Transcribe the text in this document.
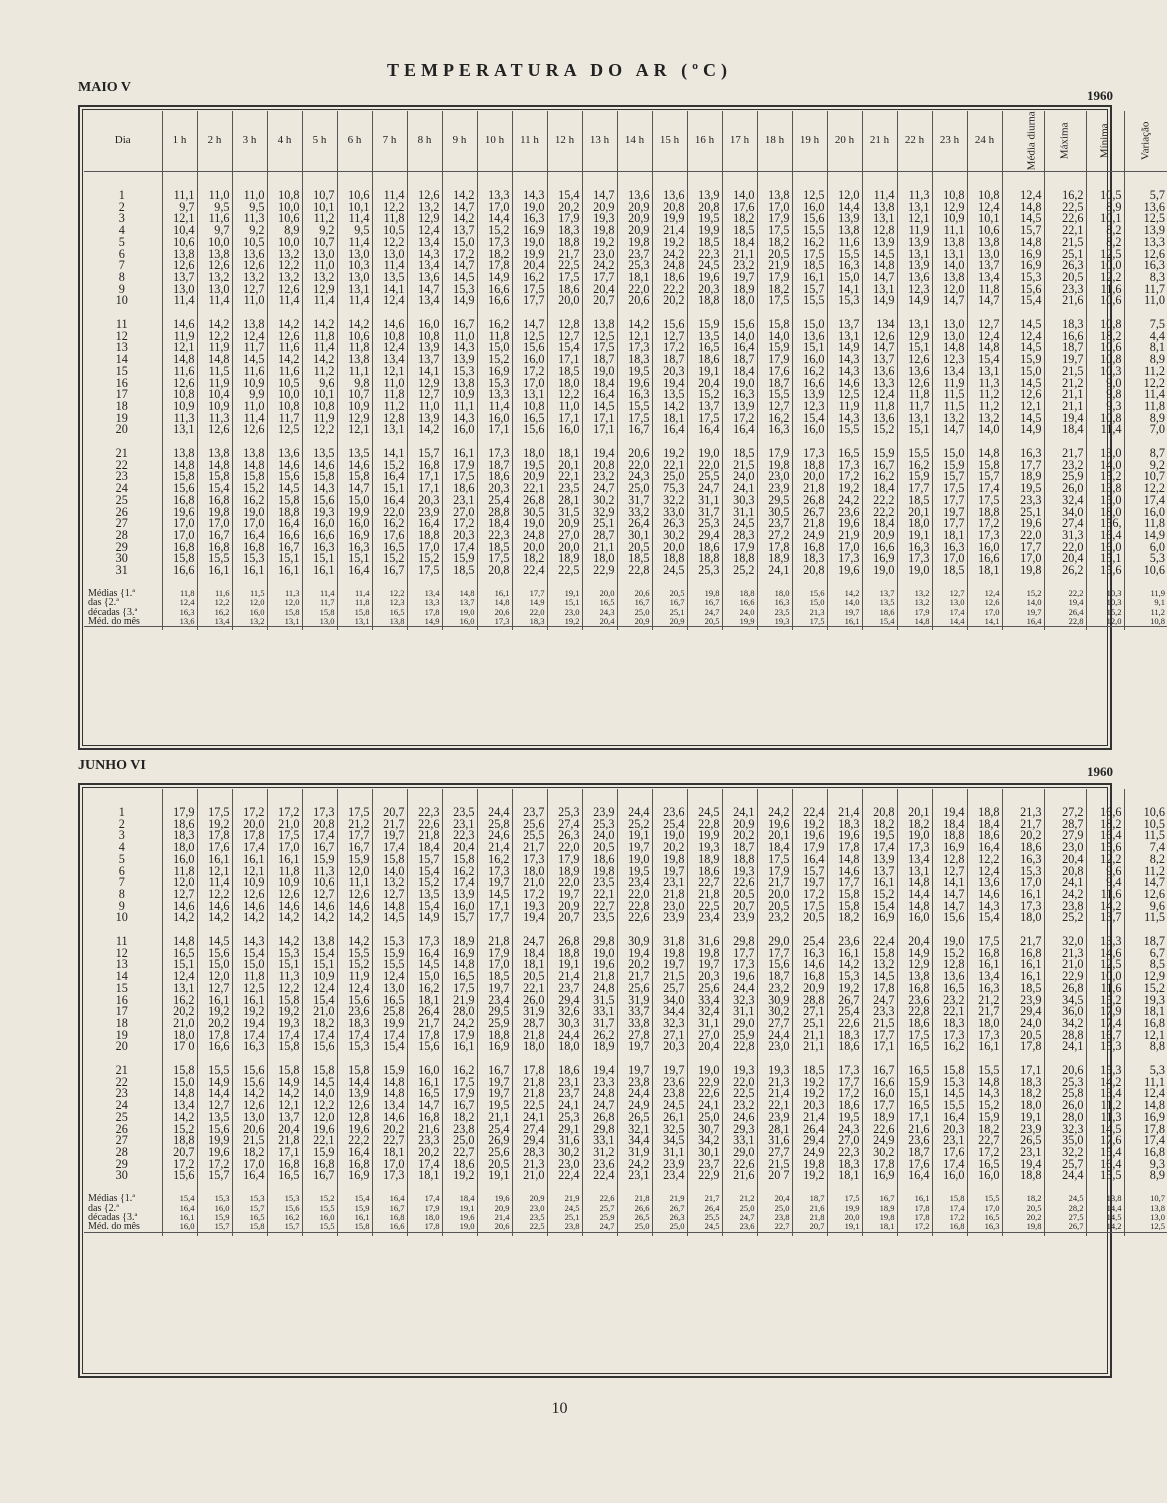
TEMPERATURA DO AR (ºC)
MAIO V
1960
Dia	1 h	2 h	3 h	4 h	5 h	6 h	7 h	8 h	9 h	10 h	11 h	12 h	13 h	14 h	15 h	16 h	17 h	18 h	19 h	20 h	21 h	22 h	23 h	24 h	Média diurna	Máxima	Mínima	Variação

1	11,1	11,0	11,0	10,8	10,7	10,6	11,4	12,6	14,2	13,3	14,3	15,4	14,7	13,6	13,6	13,9	14,0	13,8	12,5	12,0	11,4	11,3	10,8	10,8	12,4	16,2	10,5	5,7
2	9,7	9,5	9,5	10,0	10,1	10,1	12,2	13,2	14,7	17,0	19,0	20,2	20,9	20,9	20,8	20,8	17,6	17,0	16,0	14,4	13,8	13,1	12,9	12,4	14,8	22,5	8,9	13,6
3	12,1	11,6	11,3	10,6	11,2	11,4	11,8	12,9	14,2	14,4	16,3	17,9	19,3	20,9	19,9	19,5	18,2	17,9	15,6	13,9	13,1	12,1	10,9	10,1	14,5	22,6	10,1	12,5
4	10,4	9,7	9,2	8,9	9,2	9,5	10,5	12,4	13,7	15,2	16,9	18,3	19,8	20,9	21,4	19,9	18,5	17,5	15,5	13,8	12,8	11,9	11,1	10,6	15,7	22,1	8,2	13,9
5	10,6	10,0	10,5	10,0	10,7	11,4	12,2	13,4	15,0	17,3	19,0	18,8	19,2	19,8	19,2	18,5	18,4	18,2	16,2	11,6	13,9	13,9	13,8	13,8	14,8	21,5	8,2	13,3
6	13,8	13,8	13,6	13,2	13,0	13,0	13,0	14,3	17,2	18,2	19,9	21,7	23,0	23,7	24,2	22,3	21,1	20,5	17,5	15,5	14,5	13,1	13,1	13,0	16,9	25,1	12,5	12,6
7	12,6	12,6	12,6	12,2	11,0	10,3	11,4	13,4	14,7	17,8	20,4	22,5	24,2	25,3	24,8	24,5	23,2	21,9	18,5	16,3	14,8	13,9	14,0	13,7	16,9	26,3	10,0	16,3
8	13,7	13,2	13,2	13,2	13,2	13,0	13,5	13,6	14,5	14,9	16,2	17,5	17,7	18,1	18,6	19,6	19,7	17,9	16,1	15,0	14,7	13,6	13,8	13,4	15,3	20,5	12,2	8,3
9	13,0	13,0	12,7	12,6	12,9	13,1	14,1	14,7	15,3	16,6	17,5	18,6	20,4	22,0	22,2	20,3	18,9	18,2	15,7	14,1	13,1	12,3	12,0	11,8	15,6	23,3	11,6	11,7
10	11,4	11,4	11,0	11,4	11,4	11,4	12,4	13,4	14,9	16,6	17,7	20,0	20,7	20,6	20,2	18,8	18,0	17,5	15,5	15,3	14,9	14,9	14,7	14,7	15,4	21,6	10,6	11,0

11	14,6	14,2	13,8	14,2	14,2	14,2	14,6	16,0	16,7	16,2	14,7	12,8	13,8	14,2	15,6	15,9	15,6	15,8	15,0	13,7	134	13,1	13,0	12,7	14,5	18,3	10,8	7,5
12	11,9	12,2	12,4	12,6	11,8	10,6	10,8	10,8	11,0	11,8	12,5	12,7	12,5	12,1	12,7	13,5	14,0	14,0	13,6	13,1	12,6	12,9	13,0	12,4	12,4	16,6	18,2	4,4
13	12,1	11,9	11,7	11,6	11,4	11,8	12,4	13,9	14,3	15,0	15,6	15,4	17,5	17,3	17,2	16,5	16,4	15,9	15,1	14,9	14,7	15,1	14,8	14,8	14,5	18,7	10,6	8,1
14	14,8	14,8	14,5	14,2	14,2	13,8	13,4	13,7	13,9	15,2	16,0	17,1	18,7	18,3	18,7	18,6	18,7	17,9	16,0	14,3	13,7	12,6	12,3	15,4	15,9	19,7	10,8	8,9
15	11,6	11,5	11,6	11,6	11,2	11,1	12,1	14,1	15,3	16,9	17,2	18,5	19,0	19,5	20,3	19,1	18,4	17,6	16,2	14,3	13,6	13,6	13,4	13,1	15,0	21,5	10,3	11,2
16	12,6	11,9	10,9	10,5	9,6	9,8	11,0	12,9	13,8	15,3	17,0	18,0	18,4	19,6	19,4	20,4	19,0	18,7	16,6	14,6	13,3	12,6	11,9	11,3	14,5	21,2	9,0	12,2
17	10,8	10,4	9,9	10,0	10,1	10,7	11,8	12,7	10,9	13,3	13,1	12,2	16,4	16,3	13,5	15,2	16,3	15,5	13,9	12,5	12,4	11,8	11,5	11,2	12,6	21,1	9,8	11,4
18	10,9	10,9	11,0	10,8	10,8	10,9	11,2	11,0	11,1	11,4	10,8	11,0	14,5	15,5	14,2	13,7	13,9	12,7	12,3	11,9	11,8	11,7	11,5	11,2	12,1	21,1	9,3	11,8
19	11,3	11,3	11,4	11,7	11,9	12,9	12,8	13,9	14,3	16,0	16,5	17,1	17,1	17,5	18,1	17,5	17,2	16,2	15,4	14,3	13,6	13,1	13,2	13,2	14,5	19,4	10,8	8,9
20	13,1	12,6	12,6	12,5	12,2	12,1	13,1	14,2	16,0	17,1	15,6	16,0	17,1	16,7	16,4	16,4	16,4	16,3	16,0	15,5	15,2	15,1	14,7	14,0	14,9	18,4	11,4	7,0

21	13,8	13,8	13,8	13,6	13,5	13,5	14,1	15,7	16,1	17,3	18,0	18,1	19,4	20,6	19,2	19,0	18,5	17,9	17,3	16,5	15,9	15,5	15,0	14,8	16,3	21,7	13,0	8,7
22	14,8	14,8	14,8	14,6	14,6	14,6	15,2	16,8	17,9	18,7	19,5	20,1	20,8	22,0	22,1	22,0	21,5	19,8	18,8	17,3	16,7	16,2	15,9	15,8	17,7	23,2	14,0	9,2
23	15,8	15,8	15,8	15,6	15,8	15,8	16,4	17,1	17,5	18,6	20,9	22,1	23,2	24,3	25,0	25,5	24,0	23,0	20,0	17,2	16,2	15,9	15,7	15,7	18,9	25,9	15,2	10,7
24	15,6	15,4	15,2	14,5	14,3	14,7	15,1	17,1	18,6	20,3	22,1	23,5	24,7	25,0	75,3	24,7	24,1	23,9	21,8	19,2	18,4	17,7	17,5	17,4	19,5	26,0	13,8	12,2
25	16,8	16,8	16,2	15,8	15,6	15,0	16,4	20,3	23,1	25,4	26,8	28,1	30,2	31,7	32,2	31,1	30,3	29,5	26,8	24,2	22,2	18,5	17,7	17,5	23,3	32,4	15,0	17,4
26	19,6	19,8	19,0	18,8	19,3	19,9	22,0	23,9	27,0	28,8	30,5	31,5	32,9	33,2	33,0	31,7	31,1	30,5	26,7	23,6	22,2	20,1	19,7	18,8	25,1	34,0	18,0	16,0
27	17,0	17,0	17,0	16,4	16,0	16,0	16,2	16,4	17,2	18,4	19,0	20,9	25,1	26,4	26,3	25,3	24,5	23,7	21,8	19,6	18,4	18,0	17,7	17,2	19,6	27,4	156,	11,8
28	17,0	16,7	16,4	16,6	16,6	16,9	17,6	18,8	20,3	22,3	24,8	27,0	28,7	30,1	30,2	29,4	28,3	27,2	24,9	21,9	20,9	19,1	18,1	17,3	22,0	31,3	16,4	14,9
29	16,8	16,8	16,8	16,7	16,3	16,3	16,5	17,0	17,4	18,5	20,0	20,0	21,1	20,5	20,0	18,6	17,9	17,8	16,8	17,0	16,6	16,3	16,3	16,0	17,7	22,0	16,0	6,0
30	15,8	15,5	15,3	15,1	15,1	15,1	15,2	15,2	15,9	17,5	18,2	18,9	18,0	18,5	18,8	18,8	18,8	18,9	18,3	17,3	16,9	17,3	17,0	16,6	17,0	20,4	15,1	5,3
31	16,6	16,1	16,1	16,1	16,1	16,4	16,7	17,5	18,5	20,8	22,4	22,5	22,9	22,8	24,5	25,3	25,2	24,1	20,8	19,6	19,0	19,0	18,5	18,1	19,8	26,2	15,6	10,6

Médias {1.ª	11,8	11,6	11,5	11,3	11,4	11,4	12,2	13,4	14,8	16,1	17,7	19,1	20,0	20,6	20,5	19,8	18,8	18,0	15,6	14,2	13,7	13,2	12,7	12,4	15,2	22,2	10,3	11,9
das {2.ª	12,4	12,2	12,0	12,0	11,7	11,8	12,3	13,3	13,7	14,8	14,9	15,1	16,5	16,7	16,7	16,7	16,6	16,3	15,0	14,0	13,5	13,2	13,0	12,6	14,0	19,4	10,3	9,1
décadas {3.ª	16,3	16,2	16,0	15,8	15,8	15,8	16,5	17,8	19,0	20,6	22,0	23,0	24,3	25,0	25,1	24,7	24,0	23,5	21,3	19,7	18,6	17,9	17,4	17,0	19,7	26,4	15,2	11,2
Méd. do mês	13,6	13,4	13,2	13,1	13,0	13,1	13,8	14,9	16,0	17,3	18,3	19,2	20,4	20,9	20,9	20,5	19,9	19,3	17,5	16,1	15,4	14,8	14,4	14,1	16,4	22,8	12,0	10,8

JUNHO VI	1960

1	17,9	17,5	17,2	17,2	17,3	17,5	20,7	22,3	23,5	24,4	23,7	25,3	23,9	24,4	23,6	24,5	24,1	24,2	22,4	21,4	20,8	20,1	19,4	18,8	21,3	27,2	16,6	10,6
2	18,6	19,2	20,0	21,0	20,8	21,2	21,7	22,6	23,1	25,8	25,6	27,4	25,3	25,2	25,4	22,8	20,9	19,6	19,2	18,3	18,2	18,2	18,4	18,4	21,7	28,7	18,2	10,5
3	18,3	17,8	17,8	17,5	17,4	17,7	19,7	21,8	22,3	24,6	25,5	26,3	24,0	19,1	19,0	19,9	20,2	20,1	19,6	19,6	19,5	19,0	18,8	18,6	20,2	27,9	16,4	11,5
4	18,0	17,6	17,4	17,0	16,7	16,7	17,4	18,4	20,4	21,4	21,7	22,0	20,5	19,7	20,2	19,3	18,7	18,4	17,9	17,8	17,4	17,3	16,9	16,4	18,6	23,0	15,6	7,4
5	16,0	16,1	16,1	16,1	15,9	15,9	15,8	15,7	15,8	16,2	17,3	17,9	18,6	19,0	19,8	18,9	18,8	17,5	16,4	14,8	13,9	13,4	12,8	12,2	16,3	20,4	12,2	8,2
6	11,8	12,1	12,1	11,8	11,3	12,0	14,0	15,4	16,2	17,3	18,0	18,9	19,8	19,5	19,7	18,6	19,3	17,9	15,7	14,6	13,7	13,1	12,7	12,4	15,3	20,8	9,6	11,2
7	12,0	11,4	10,9	10,9	10,6	11,1	13,2	15,2	17,4	19,7	21,0	22,0	23,5	23,4	23,1	22,7	22,6	21,7	19,7	17,7	16,1	14,8	14,1	13,6	17,0	24,1	9,4	14,7
8	12,7	12,2	12,6	12,6	12,7	12,6	12,7	13,5	13,9	14,5	17,2	19,7	22,1	22,0	21,8	21,8	20,5	20,0	17,2	15,8	15,2	14,4	14,7	14,6	16,1	24,2	11,6	12,6
9	14,6	14,6	14,6	14,6	14,6	14,6	14,8	15,4	16,0	17,1	19,3	20,9	22,7	22,8	23,0	22,5	20,7	20,5	17,5	15,8	15,4	14,8	14,7	14,3	17,3	23,8	14,2	9,6
10	14,2	14,2	14,2	14,2	14,2	14,2	14,5	14,9	15,7	17,7	19,4	20,7	23,5	22,6	23,9	23,4	23,9	23,2	20,5	18,2	16,9	16,0	15,6	15,4	18,0	25,2	13,7	11,5

11	14,8	14,5	14,3	14,2	13,8	14,2	15,3	17,3	18,9	21,8	24,7	26,8	29,8	30,9	31,8	31,6	29,8	29,0	25,4	23,6	22,4	20,4	19,0	17,5	21,7	32,0	13,3	18,7
12	16,5	15,6	15,4	15,3	15,4	15,5	15,9	16,4	16,9	17,9	18,4	18,8	19,0	19,4	19,8	19,8	17,7	17,7	16,3	16,1	15,8	14,9	15,2	16,8	16,8	21,3	14,6	6,7
13	15,1	15,0	15,0	15,1	15,1	15,2	15,5	14,5	14,8	17,0	18,1	19,1	19,6	20,2	19,7	19,7	17,3	15,6	14,6	14,2	13,2	12,9	12,8	16,1	16,1	21,0	12,5	8,5
14	12,4	12,0	11,8	11,3	10,9	11,9	12,4	15,0	16,5	18,5	20,5	21,4	21,8	21,7	21,5	20,3	19,6	18,7	16,8	15,3	14,5	13,8	13,6	13,4	16,1	22,9	10,0	12,9
15	13,1	12,7	12,5	12,2	12,4	12,4	13,0	16,2	17,5	19,7	22,1	23,7	24,8	25,6	25,7	25,6	24,4	23,2	20,9	19,2	17,8	16,8	16,5	16,3	18,5	26,8	11,6	15,2
16	16,2	16,1	16,1	15,8	15,4	15,6	16,5	18,1	21,9	23,4	26,0	29,4	31,5	31,9	34,0	33,4	32,3	30,9	28,8	26,7	24,7	23,6	23,2	21,2	23,9	34,5	15,2	19,3
17	20,2	19,2	19,2	19,2	21,0	23,6	25,8	26,4	28,0	29,5	31,9	32,6	33,1	33,7	34,4	32,4	31,1	30,2	27,1	25,4	23,3	22,8	22,1	21,7	29,4	36,0	17,9	18,1
18	21,0	20,2	19,4	19,3	18,2	18,3	19,9	21,7	24,2	25,9	28,7	30,3	31,7	33,8	32,3	31,1	29,0	27,7	25,1	22,6	21,5	18,6	18,3	18,0	24,0	34,2	17,4	16,8
19	18,0	17,8	17,4	17,4	17,4	17,4	17,4	17,8	17,9	18,8	21,8	24,4	26,2	27,8	27,1	27,0	25,9	24,4	21,1	18,3	17,7	17,5	17,3	17,3	20,5	28,8	16,7	12,1
20	17 0	16,6	16,3	15,8	15,6	15,3	15,4	15,6	16,1	16,9	18,0	18,0	18,9	19,7	20,3	20,4	22,8	23,0	21,1	18,6	17,1	16,5	16,2	16,1	17,8	24,1	15,3	8,8

21	15,8	15,5	15,6	15,8	15,8	15,8	15,9	16,0	16,2	16,7	17,8	18,6	19,4	19,7	19,7	19,0	19,3	19,3	18,5	17,3	16,7	16,5	15,8	15,5	17,1	20,6	15,3	5,3
22	15,0	14,9	15,6	14,9	14,5	14,4	14,8	16,1	17,5	19,7	21,8	23,1	23,3	23,8	23,6	22,9	22,0	21,3	19,2	17,7	16,6	15,9	15,3	14,8	18,3	25,3	14,2	11,1
23	14,8	14,4	14,2	14,2	14,0	13,9	14,8	16,5	17,9	19,7	21,8	23,7	24,8	24,4	23,8	22,6	22,5	21,4	19,2	17,2	16,0	15,1	14,5	14,3	18,2	25,8	13,4	12,4
24	13,4	12,7	12,6	12,1	12,2	12,6	13,4	14,7	16,7	19,5	22,5	24,1	24,7	24,9	24,5	24,1	23,2	22,1	20,3	18,6	17,7	16,5	15,5	15,2	18,0	26,0	11,2	14,8
25	14,2	13,5	13,0	13,7	12,0	12,8	14,6	16,8	18,2	21,1	24,1	25,3	26,8	26,5	26,1	25,0	24,6	23,9	21,4	19,5	18,9	17,1	16,4	15,9	19,1	28,0	11,3	16,9
26	15,2	15,6	20,6	20,4	19,6	19,6	20,2	21,6	23,8	25,4	27,4	29,1	29,8	32,1	32,5	30,7	29,3	28,1	26,4	24,3	22,6	21,6	20,3	18,2	23,9	32,3	14,5	17,8
27	18,8	19,9	21,5	21,8	22,1	22,2	22,7	23,3	25,0	26,9	29,4	31,6	33,1	34,4	34,5	34,2	33,1	31,6	29,4	27,0	24,9	23,6	23,1	22,7	26,5	35,0	17,6	17,4
28	20,7	19,6	18,2	17,1	15,9	16,4	18,1	20,2	22,7	25,6	28,3	30,2	31,2	31,9	31,1	30,1	29,0	27,7	24,9	22,3	30,2	18,7	17,6	17,2	23,1	32,2	15,4	16,8
29	17,2	17,2	17,0	16,8	16,8	16,8	17,0	17,4	18,6	20,5	21,3	23,0	23,6	24,2	23,9	23,7	22,6	21,5	19,8	18,3	17,8	17,6	17,4	16,5	19,4	25,7	16,4	9,3
30	15,6	15,7	16,4	16,5	16,7	16,9	17,3	18,1	19,2	19,1	21,0	22,4	22,4	23,1	23,4	22,9	21,6	20 7	19,2	18,1	16,9	16,4	16,0	16,0	18,8	24,4	15,5	8,9

Médias {1.ª	15,4	15,3	15,3	15,3	15,2	15,4	16,4	17,4	18,4	19,6	20,9	21,9	22,6	21,8	21,9	21,7	21,2	20,4	18,7	17,5	16,7	16,1	15,8	15,5	18,2	24,5	13,8	10,7
das {2.ª	16,4	16,0	15,7	15,6	15,5	15,9	16,7	17,9	19,1	20,9	23,0	24,5	25,7	26,6	26,7	26,4	25,0	25,0	21,6	19,9	18,9	17,8	17,4	17,0	20,5	28,2	14,4	13,8
décadas {3.ª	16,1	15,9	16,5	16,2	16,0	16,1	16,8	18,0	19,6	21,4	23,5	25,1	25,9	26,5	26,3	25,5	24,7	23,8	21,8	20,0	19,8	17,8	17,2	16,5	20,2	27,5	14,5	13,0
Méd. do mês	16,0	15,7	15,8	15,7	15,5	15,8	16,6	17,8	19,0	20,6	22,5	23,8	24,7	25,0	25,0	24,5	23,6	22,7	20,7	19,1	18,1	17,2	16,8	16,3	19,8	26,7	14,2	12,5

10
